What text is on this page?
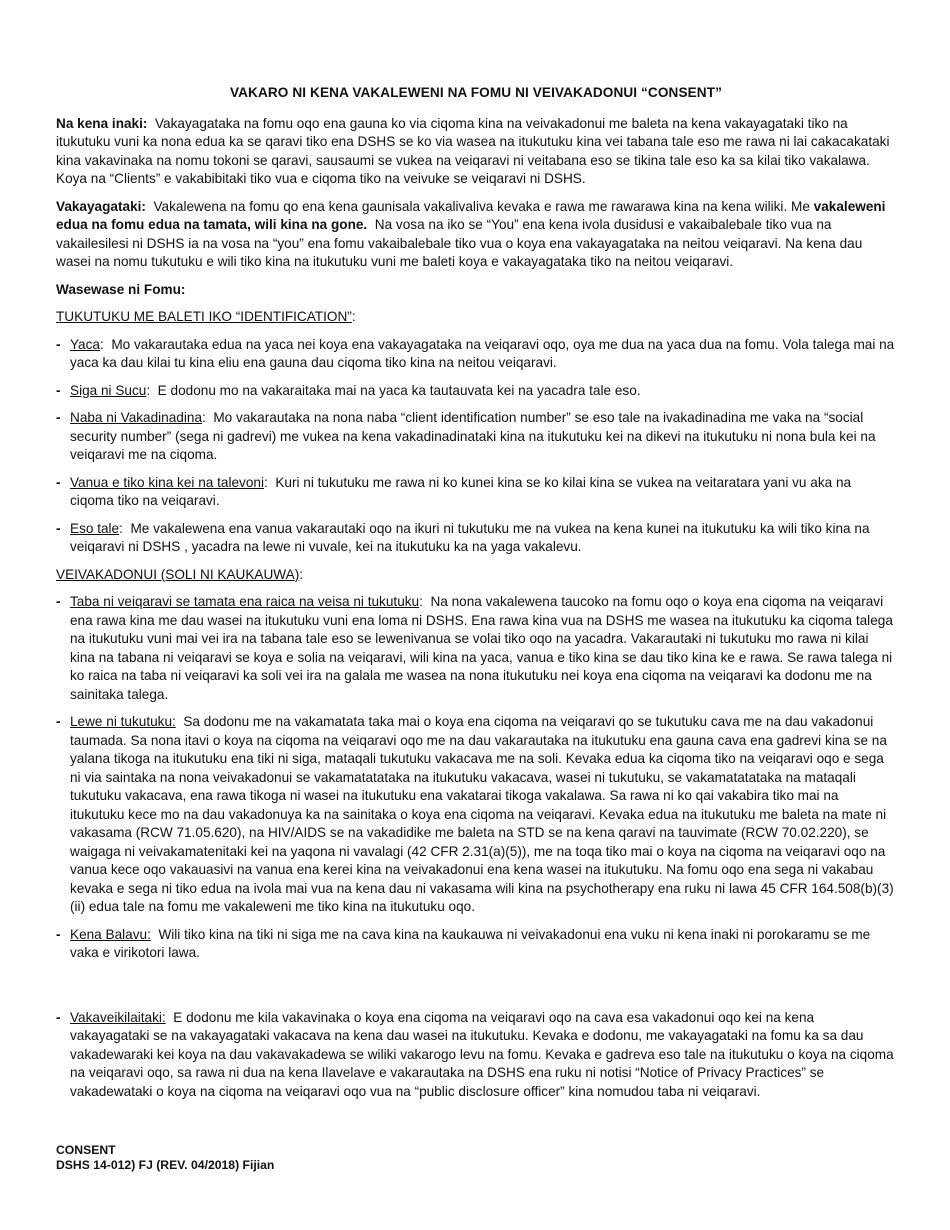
VAKARO NI KENA VAKALEWENI NA FOMU NI VEIVAKADONUI “CONSENT”

Na kena inaki: Vakayagataka na fomu oqo ena gauna ko via ciqoma kina na veivakadonui me baleta na kena vakayagataki tiko na itukutuku vuni ka nona edua ka se qaravi tiko ena DSHS se ko via wasea na itukutuku kina vei tabana tale eso me rawa ni lai cakacakataki kina vakavinaka na nomu tokoni se qaravi, sausaumi se vukea na veiqaravi ni veitabana eso se tikina tale eso ka sa kilai tiko vakalawa. Koya na “Clients” e vakabibitaki tiko vua e ciqoma tiko na veivuke se veiqaravi ni DSHS.

Vakayagataki: Vakalewena na fomu qo ena kena gaunisala vakalivaliva kevaka e rawa me rawarawa kina na kena wiliki. Me vakaleweni edua na fomu edua na tamata, wili kina na gone. Na vosa na iko se “You” ena kena ivola dusidusi e vakaibalebale tiko vua na vakailesilesi ni DSHS ia na vosa na “you” ena fomu vakaibalebale tiko vua o koya ena vakayagataka na neitou veiqaravi. Na kena dau wasei na nomu tukutuku e wili tiko kina na itukutuku vuni me baleti koya e vakayagataka tiko na neitou veiqaravi.

Wasewase ni Fomu:

TUKUTUKU ME BALETI IKO “IDENTIFICATION”:

- Yaca:  Mo vakarautaka edua na yaca nei koya ena vakayagataka na veiqaravi oqo, oya me dua na yaca dua na fomu. Vola talega mai na yaca ka dau kilai tu kina eliu ena gauna dau ciqoma tiko kina na neitou veiqaravi.
- Siga ni Sucu:  E dodonu mo na vakaraitaka mai na yaca ka tautauvata kei na yacadra tale eso.
- Naba ni Vakadinadina:  Mo vakarautaka na nona naba “client identification number” se eso tale na ivakadinadina me vaka na “social security number” (sega ni gadrevi) me vukea na kena vakadinadinataki kina na itukutuku kei na dikevi na itukutuku ni nona bula kei na veiqaravi me na ciqoma.
- Vanua e tiko kina kei na talevoni:  Kuri ni tukutuku me rawa ni ko kunei kina se ko kilai kina se vukea na veitaratara yani vu aka na ciqoma tiko na veiqaravi.
- Eso tale:  Me vakalewena ena vanua vakarautaki oqo na ikuri ni tukutuku me na vukea na kena kunei na itukutuku ka wili tiko kina na veiqaravi ni DSHS , yacadra na lewe ni vuvale, kei na itukutuku ka na yaga vakalevu.

VEIVAKADONUI (SOLI NI KAUKAUWA):

- Taba ni veiqaravi se tamata ena raica na veisa ni tukutuku:  Na nona vakalewena taucoko na fomu oqo o koya ena ciqoma na veiqaravi ena rawa kina me dau wasei na itukutuku vuni ena loma ni DSHS. Ena rawa kina vua na DSHS me wasea na itukutuku ka ciqoma talega na itukutuku vuni mai vei ira na tabana tale eso se lewenivanua se volai tiko oqo na yacadra. Vakarautaki ni tukutuku mo rawa ni kilai kina na tabana ni veiqaravi se koya e solia na veiqaravi, wili kina na yaca, vanua e tiko kina se dau tiko kina ke e rawa. Se rawa talega ni ko raica na taba ni veiqaravi ka soli vei ira na galala me wasea na nona itukutuku nei koya ena ciqoma na veiqaravi ka dodonu me na sainitaka talega.
- Lewe ni tukutuku: Sa dodonu me na vakamatata taka mai o koya ena ciqoma na veiqaravi qo se tukutuku cava me na dau vakadonui taumada. Sa nona itavi o koya na ciqoma na veiqaravi oqo me na dau vakarautaka na itukutuku ena gauna cava ena gadrevi kina se na yalana tikoga na itukutuku ena tiki ni siga, mataqali tukutuku vakacava me na soli. Kevaka edua ka ciqoma tiko na veiqaravi oqo e sega ni via saintaka na nona veivakadonui se vakamatatataka na itukutuku vakacava, wasei ni tukutuku, se vakamatatataka na mataqali tukutuku vakacava, ena rawa tikoga ni wasei na itukutuku ena vakatarai tikoga vakalawa. Sa rawa ni ko qai vakabira tiko mai na itukutuku kece mo na dau vakadonuya ka na sainitaka o koya ena ciqoma na veiqaravi. Kevaka edua na itukutuku me baleta na mate ni vakasama (RCW 71.05.620), na HIV/AIDS se na vakadidike me baleta na STD se na kena qaravi na tauvimate (RCW 70.02.220), se waigaga ni veivakamatenitaki kei na yaqona ni vavalagi (42 CFR 2.31(a)(5)), me na toqa tiko mai o koya na ciqoma na veiqaravi oqo na vanua kece oqo vakauasivi na vanua ena kerei kina na veivakadonui ena kena wasei na itukutuku. Na fomu oqo ena sega ni vakabau kevaka e sega ni tiko edua na ivola mai vua na kena dau ni vakasama wili kina na psychotherapy ena ruku ni lawa 45 CFR 164.508(b)(3)(ii) edua tale na fomu me vakaleweni me tiko kina na itukutuku oqo.
- Kena Balavu: Wili tiko kina na tiki ni siga me na cava kina na kaukauwa ni veivakadonui ena vuku ni kena inaki ni porokaramu se me vaka e virikotori lawa.
- Vakaveikilaitaki: E dodonu me kila vakavinaka o koya ena ciqoma na veiqaravi oqo na cava esa vakadonui oqo kei na kena vakayagataki se na vakayagataki vakacava na kena dau wasei na itukutuku. Kevaka e dodonu, me vakayagataki na fomu ka sa dau vakadewaraki kei koya na dau vakavakadewa se wiliki vakarogo levu na fomu. Kevaka e gadreva eso tale na itukutuku o koya na ciqoma na veiqaravi oqo, sa rawa ni dua na kena Ilavelave e vakarautaka na DSHS ena ruku ni notisi “Notice of Privacy Practices” se vakadewataki o koya na ciqoma na veiqaravi oqo vua na “public disclosure officer” kina nomudou taba ni veiqaravi.
CONSENT
DSHS 14-012) FJ (REV. 04/2018) Fijian
